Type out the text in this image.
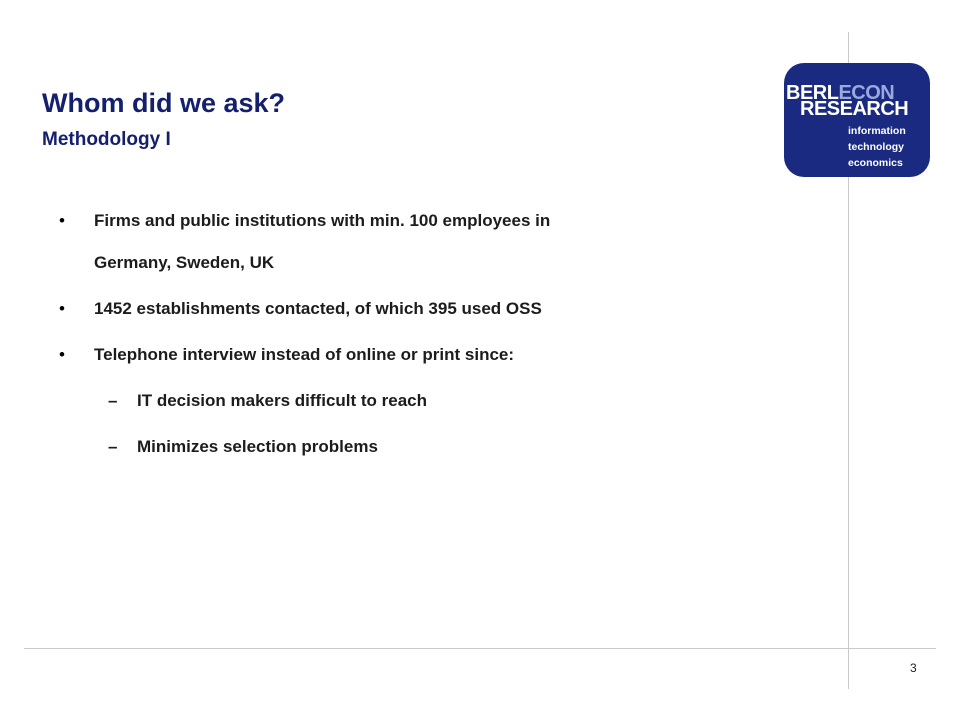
Whom did we ask?
Methodology I
BERLECON
RESEARCH
information
technology
economics
• Firms and public institutions with min. 100 employees in
Germany, Sweden, UK
• 1452 establishments contacted, of which 395 used OSS
• Telephone interview instead of online or print since:
– IT decision makers difficult to reach
– Minimizes selection problems
3
